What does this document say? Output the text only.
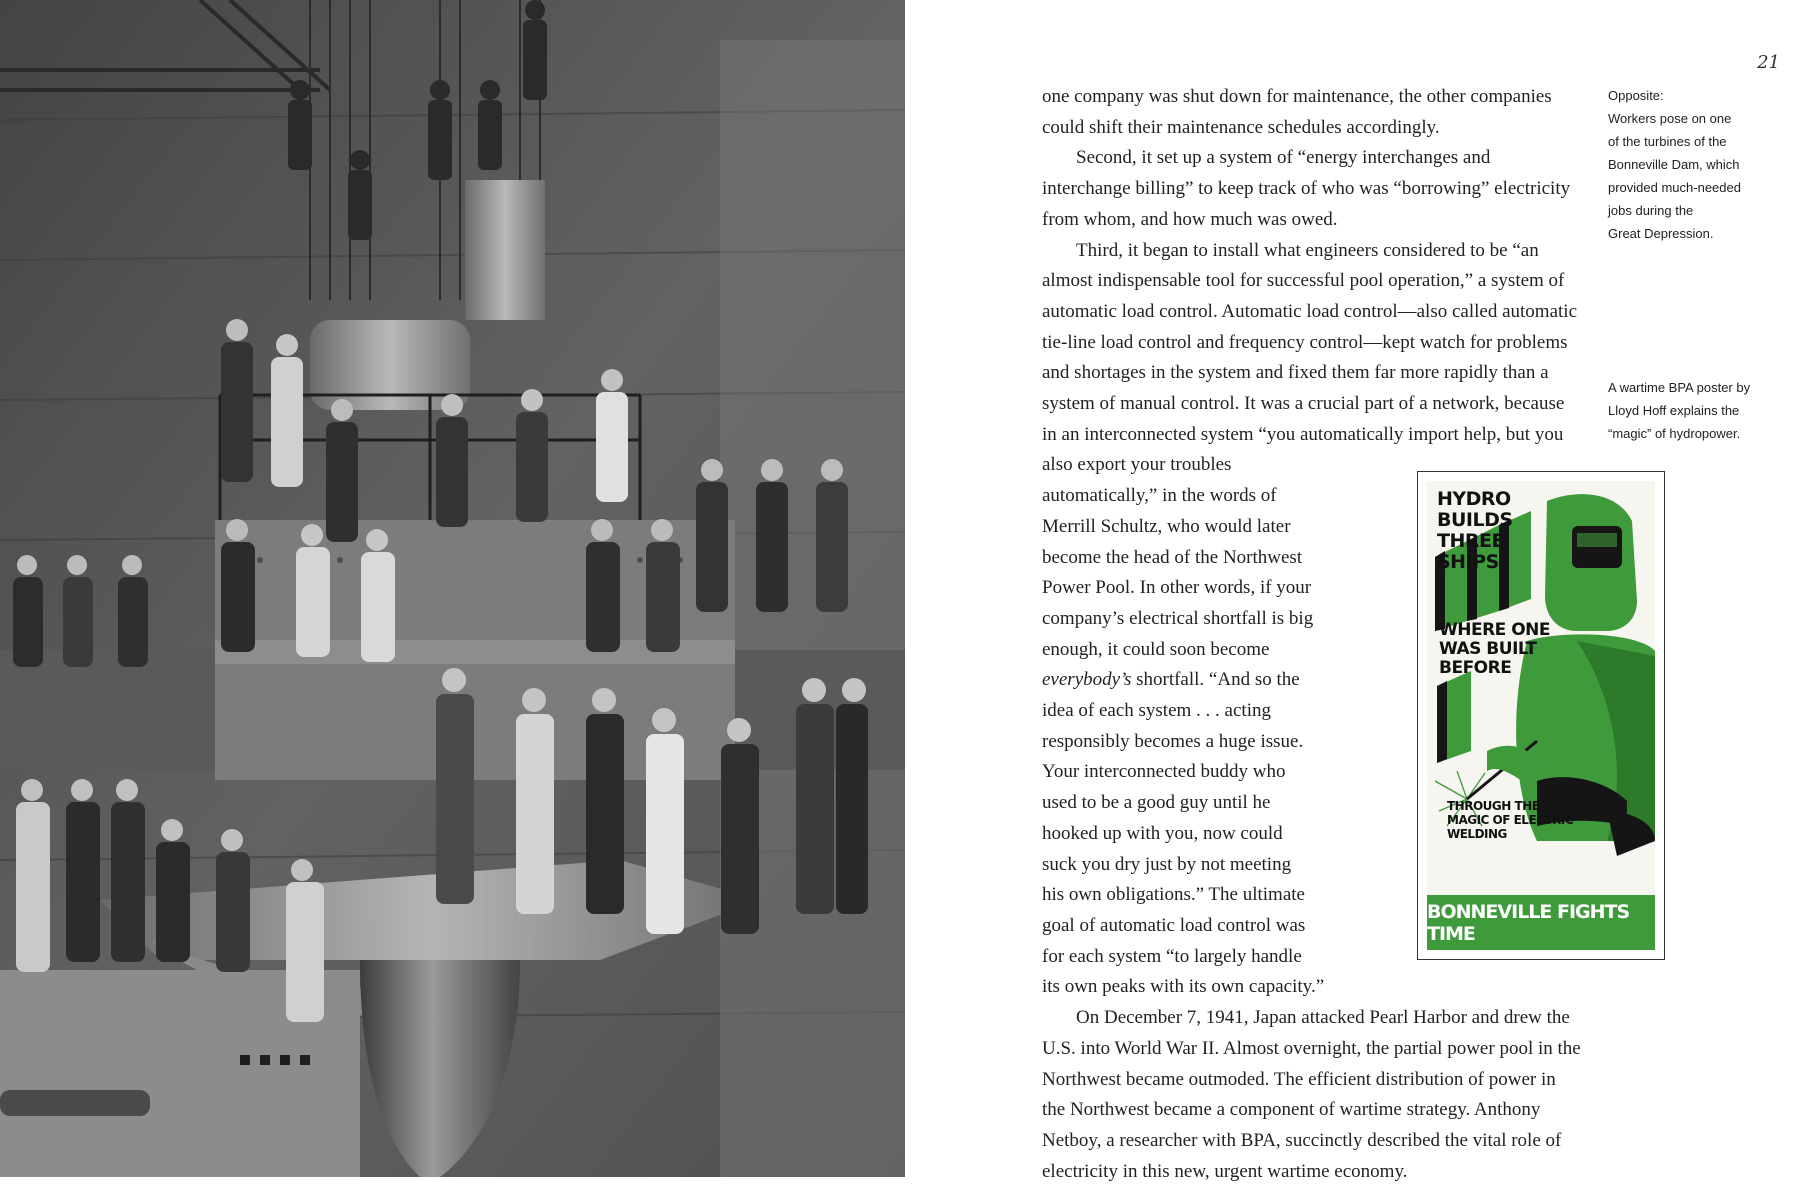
21

one company was shut down for maintenance, the other companies could shift their maintenance schedules accordingly.

Second, it set up a system of “energy interchanges and interchange billing” to keep track of who was “borrowing” electricity from whom, and how much was owed.

Third, it began to install what engineers considered to be “an almost indispensable tool for successful pool operation,” a system of automatic load control. Automatic load control—also called automatic tie-line load control and frequency control—kept watch for problems and shortages in the system and fixed them far more rapidly than a system of manual control. It was a crucial part of a network, because in an interconnected system “you automatically
import help, but you also export your troubles automatically,” in the words of Merrill Schultz, who would later become the head of the Northwest Power Pool. In other words, if your company’s electrical shortfall is big enough, it could soon become everybody’s shortfall. “And so the idea of each system . . . acting responsibly becomes a huge issue. Your interconnected buddy who used to be a good guy until he hooked up with you, now could suck you dry just by not meeting his own obligations.” The ultimate goal of automatic load control was for each system “to largely handle its own peaks with its own capacity.”

On December 7, 1941, Japan attacked Pearl Harbor and drew the U.S. into World War II. Almost overnight, the partial power pool in the Northwest became outmoded. The efficient distribution of power in the Northwest became a component of wartime strategy. Anthony Netboy, a researcher with BPA, succinctly described the vital role of electricity in this new, urgent wartime economy.

Opposite:
Workers pose on one
of the turbines of the
Bonneville Dam, which
provided much-needed
jobs during the
Great Depression.
A wartime BPA poster by
Lloyd Hoff explains the
“magic” of hydropower.
HYDRO BUILDS THREE SHIPS
WHERE ONE WAS BUILT BEFORE
THROUGH THE MAGIC OF ELECTRIC WELDING
BONNEVILLE FIGHTS TIME
